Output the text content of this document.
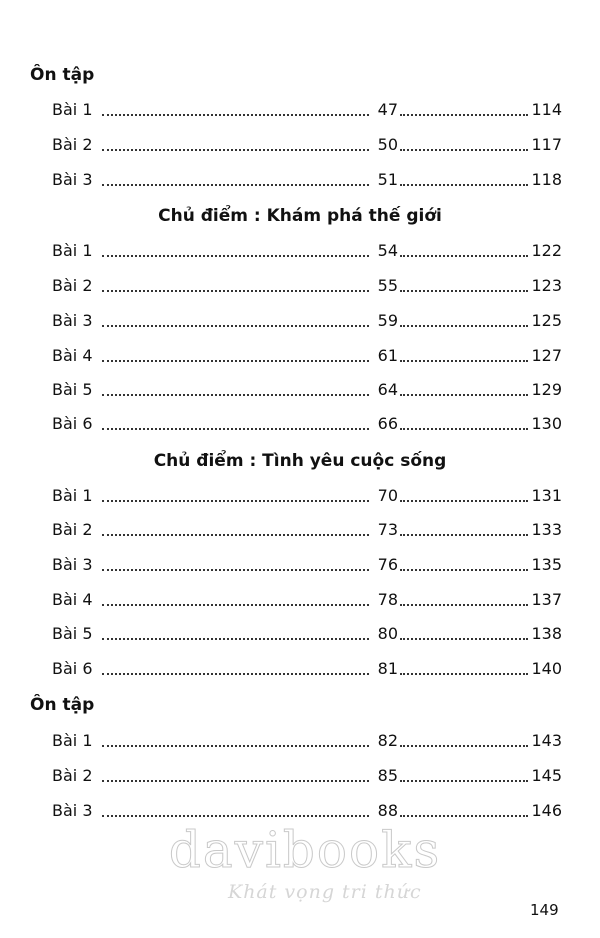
Ôn tập
Bài 1	47	114
Bài 2	50	117
Bài 3	51	118
Chủ điểm : Khám phá thế giới
Bài 1	54	122
Bài 2	55	123
Bài 3	59	125
Bài 4	61	127
Bài 5	64	129
Bài 6	66	130
Chủ điểm : Tình yêu cuộc sống
Bài 1	70	131
Bài 2	73	133
Bài 3	76	135
Bài 4	78	137
Bài 5	80	138
Bài 6	81	140
Ôn tập
Bài 1	82	143
Bài 2	85	145
Bài 3	88	146
davibooks
Khát vọng tri thức
149
